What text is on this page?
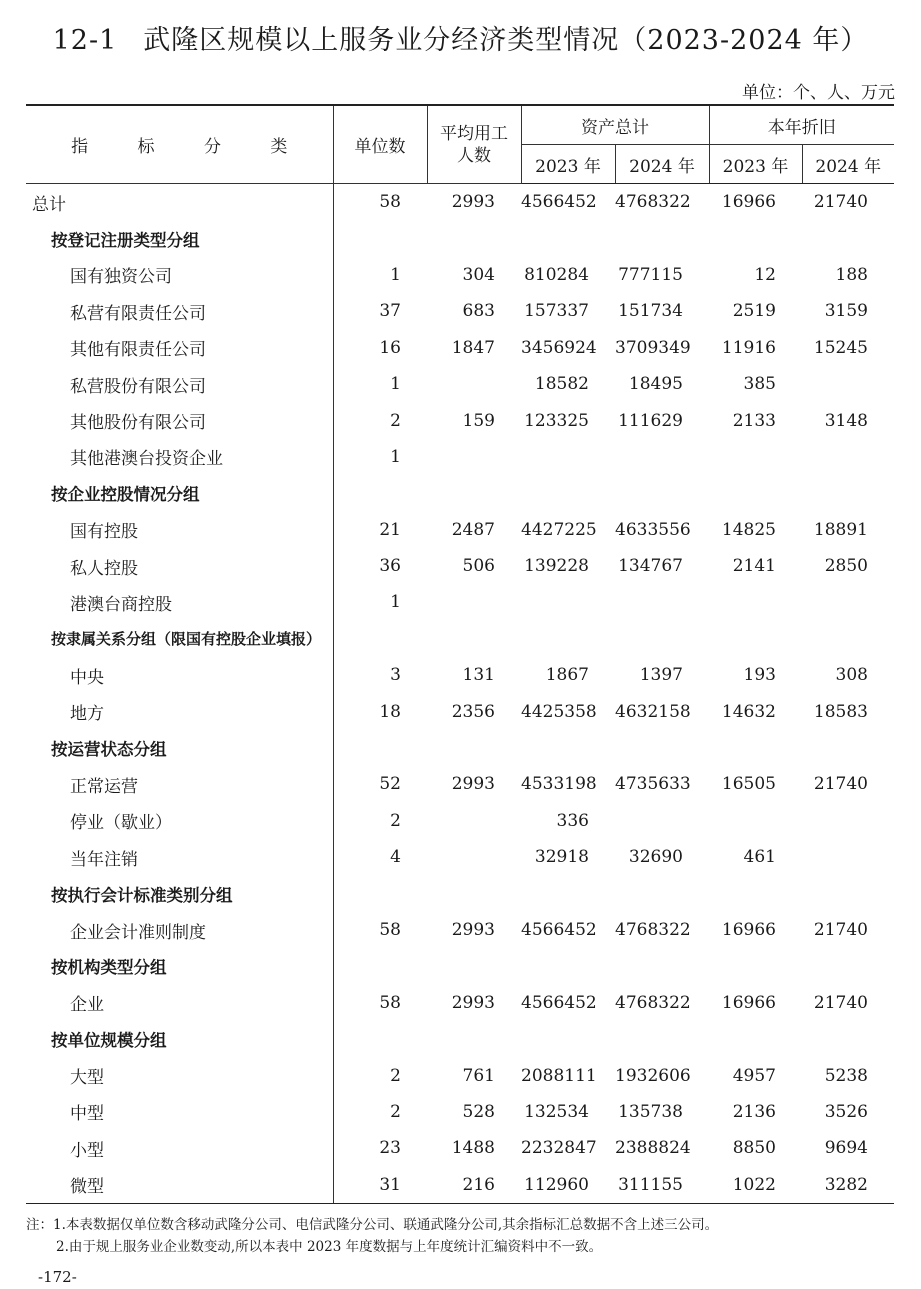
12-1 武隆区规模以上服务业分经济类型情况（2023-2024 年）
单位：个、人、万元
指 标 分 类	单位数	平均用工人数	资产总计		本年折旧	
			2023 年	2024 年	2023 年	2024 年
总计	58	2993	4566452	4768322	16966	21740
按登记注册类型分组						
国有独资公司	1	304	810284	777115	12	188
私营有限责任公司	37	683	157337	151734	2519	3159
其他有限责任公司	16	1847	3456924	3709349	11916	15245
私营股份有限公司	1		18582	18495	385	
其他股份有限公司	2	159	123325	111629	2133	3148
其他港澳台投资企业	1					
按企业控股情况分组						
国有控股	21	2487	4427225	4633556	14825	18891
私人控股	36	506	139228	134767	2141	2850
港澳台商控股	1					
按隶属关系分组（限国有控股企业填报）						
中央	3	131	1867	1397	193	308
地方	18	2356	4425358	4632158	14632	18583
按运营状态分组						
正常运营	52	2993	4533198	4735633	16505	21740
停业（歇业）	2		336			
当年注销	4		32918	32690	461	
按执行会计标准类别分组						
企业会计准则制度	58	2993	4566452	4768322	16966	21740
按机构类型分组						
企业	58	2993	4566452	4768322	16966	21740
按单位规模分组						
大型	2	761	2088111	1932606	4957	5238
中型	2	528	132534	135738	2136	3526
小型	23	1488	2232847	2388824	8850	9694
微型	31	216	112960	311155	1022	3282
注：1.本表数据仅单位数含移动武隆分公司、电信武隆分公司、联通武隆分公司,其余指标汇总数据不含上述三公司。
2.由于规上服务业企业数变动,所以本表中 2023 年度数据与上年度统计汇编资料中不一致。
-172-
